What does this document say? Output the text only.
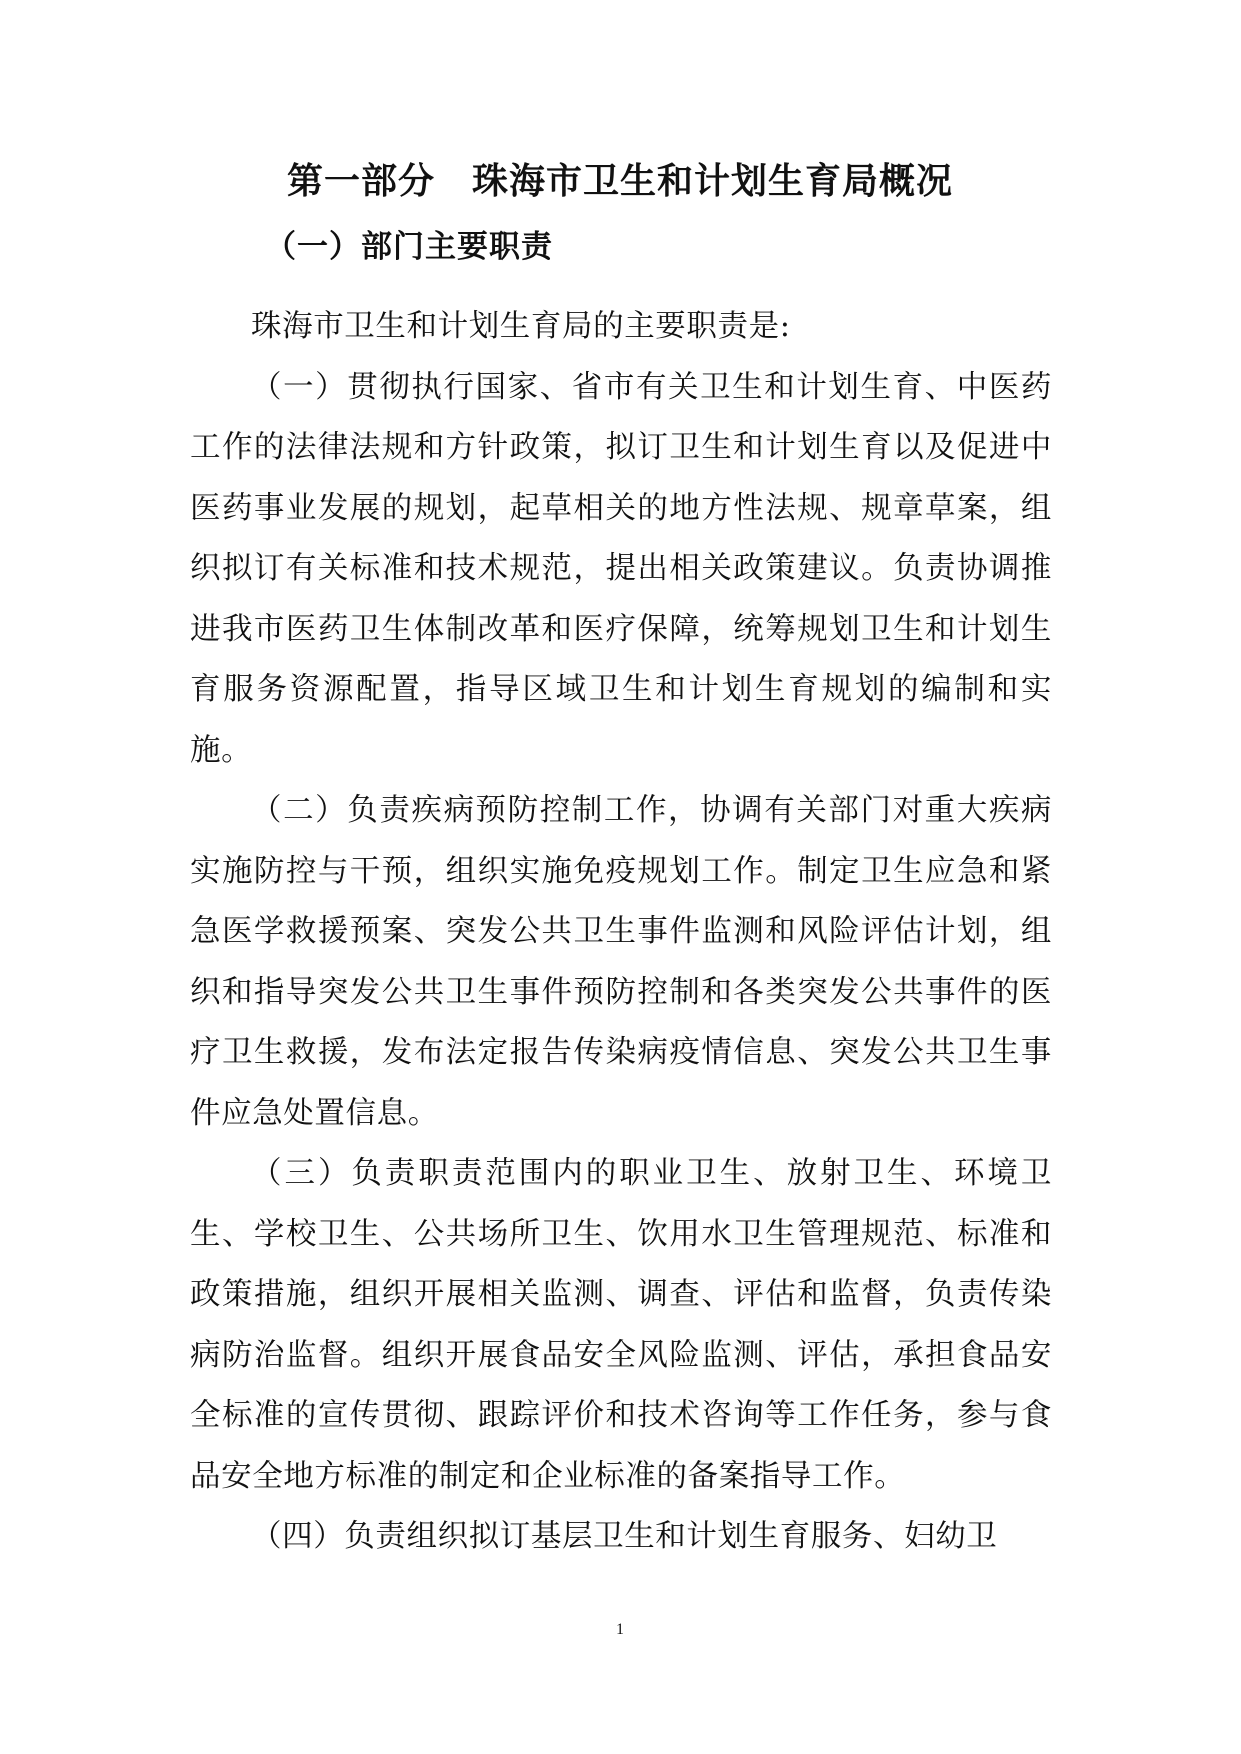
第一部分　珠海市卫生和计划生育局概况
（一）部门主要职责

珠海市卫生和计划生育局的主要职责是:

（一）贯彻执行国家、省市有关卫生和计划生育、中医药工作的法律法规和方针政策，拟订卫生和计划生育以及促进中医药事业发展的规划，起草相关的地方性法规、规章草案，组织拟订有关标准和技术规范，提出相关政策建议。负责协调推进我市医药卫生体制改革和医疗保障，统筹规划卫生和计划生育服务资源配置，指导区域卫生和计划生育规划的编制和实施。

（二）负责疾病预防控制工作，协调有关部门对重大疾病实施防控与干预，组织实施免疫规划工作。制定卫生应急和紧急医学救援预案、突发公共卫生事件监测和风险评估计划，组织和指导突发公共卫生事件预防控制和各类突发公共事件的医疗卫生救援，发布法定报告传染病疫情信息、突发公共卫生事件应急处置信息。

（三）负责职责范围内的职业卫生、放射卫生、环境卫生、学校卫生、公共场所卫生、饮用水卫生管理规范、标准和政策措施，组织开展相关监测、调查、评估和监督，负责传染病防治监督。组织开展食品安全风险监测、评估，承担食品安全标准的宣传贯彻、跟踪评价和技术咨询等工作任务，参与食品安全地方标准的制定和企业标准的备案指导工作。

（四）负责组织拟订基层卫生和计划生育服务、妇幼卫

1
